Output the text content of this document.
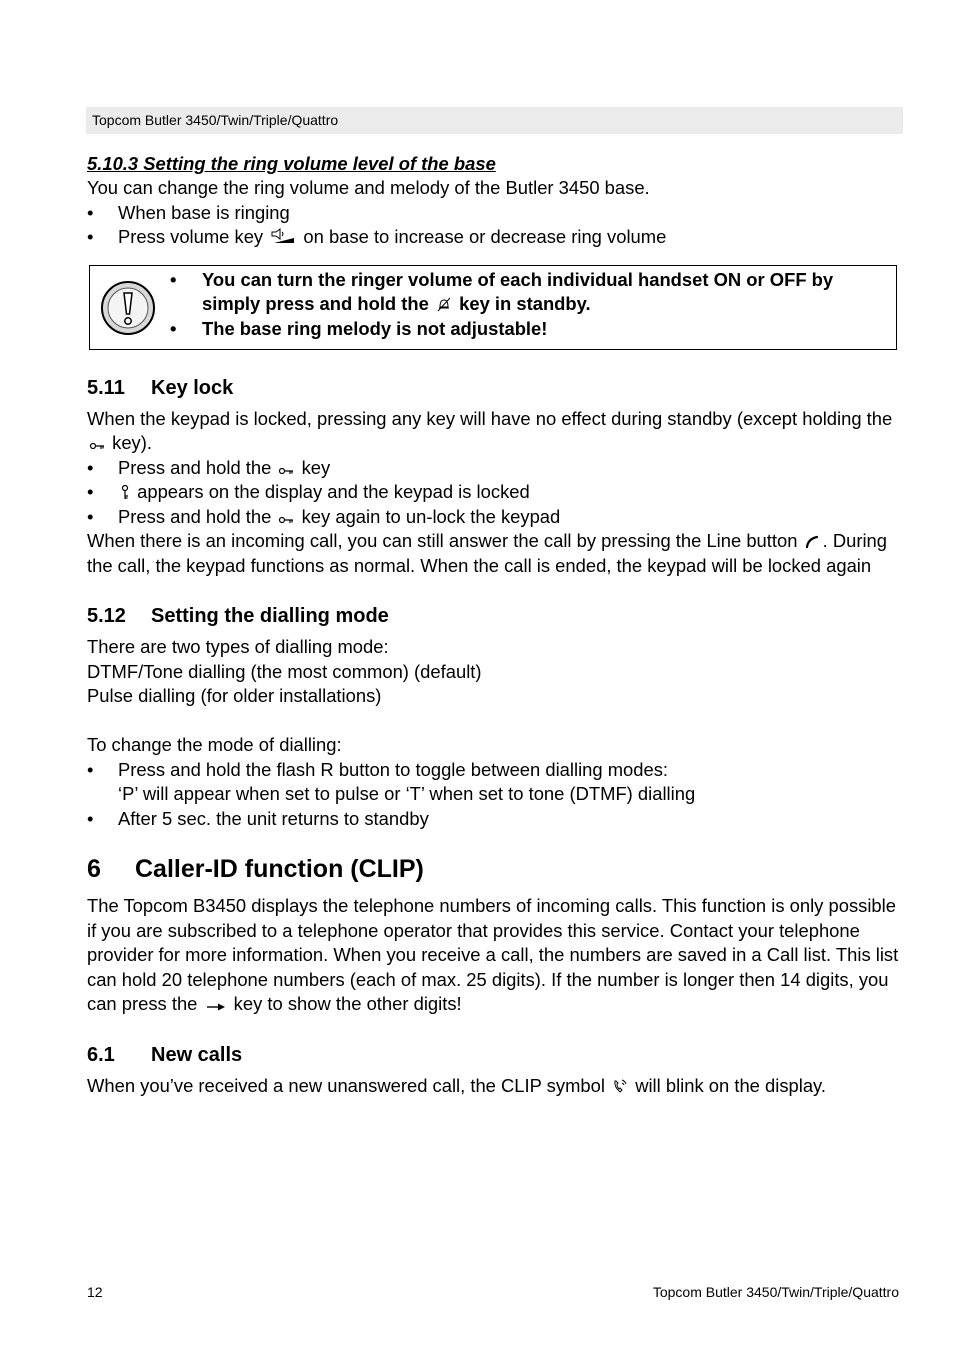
Topcom Butler 3450/Twin/Triple/Quattro
5.10.3 Setting the ring volume level of the base

You can change the ring volume and melody of the Butler 3450 base.

• When base is ringing
• Press volume key on base to increase or decrease ring volume
• You can turn the ringer volume of each individual handset ON or OFF by simply press and hold the key in standby.
• The base ring melody is not adjustable!
5.11	Key lock

When the keypad is locked, pressing any key will have no effect during standby (except holding the  key).

• Press and hold the key
• appears on the display and the keypad is locked
• Press and hold the key again to un-lock the keypad

When there is an incoming call, you can still answer the call by pressing the Line button . During the call, the keypad functions as normal. When the call is ended, the keypad will be locked again

5.12	Setting the dialling mode

There are two types of dialling mode:

DTMF/Tone dialling (the most common) (default)

Pulse dialling (for older installations)

To change the mode of dialling:

• Press and hold the flash R button to toggle between dialling modes:
‘P’ will appear when set to pulse or ‘T’ when set to tone (DTMF) dialling
• After 5 sec. the unit returns to standby
6	Caller-ID function (CLIP)

The Topcom B3450 displays the telephone numbers of incoming calls. This function is only possible if you are subscribed to a telephone operator that provides this service. Contact your telephone provider for more information. When you receive a call, the numbers are saved in a Call list. This list can hold 20 telephone numbers (each of max. 25 digits). If the number is longer then 14 digits, you can press the key to show the other digits!

6.1	New calls

When you’ve received a new unanswered call, the CLIP symbol will blink on the display.

12	Topcom Butler 3450/Twin/Triple/Quattro
